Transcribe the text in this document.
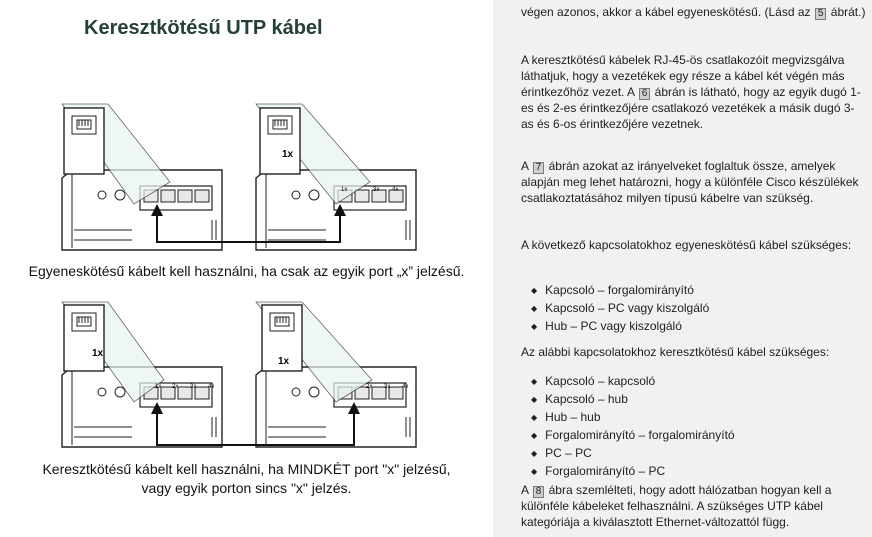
Keresztkötésű UTP kábel
1x
1x
1x
1x	3x 4x
1x 2x 3x 4x	2x 3x 4x
Egyeneskötésű kábelt kell használni, ha csak az egyik port „x” jelzésű.
Keresztkötésű kábelt kell használni, ha MINDKÉT port "x" jelzésű,
vagy egyik porton sincs "x" jelzés.
végen azonos, akkor a kábel egyeneskötésű. (Lásd az 5 ábrát.)
A keresztkötésű kábelek RJ-45-ös csatlakozóit megvizsgálva láthatjuk, hogy a vezetékek egy része a kábel két végén más érintkezőhöz vezet. A 6 ábrán is látható, hogy az egyik dugó 1-es és 2-es érintkezőjére csatlakozó vezetékek a másik dugó 3-as és 6-os érintkezőjére vezetnek.
A 7 ábrán azokat az irányelveket foglaltuk össze, amelyek alapján meg lehet határozni, hogy a különféle Cisco készülékek csatlakoztatásához milyen típusú kábelre van szükség.
A következő kapcsolatokhoz egyeneskötésű kábel szükséges:
◆ Kapcsoló – forgalomirányító
◆ Kapcsoló – PC vagy kiszolgáló
◆ Hub – PC vagy kiszolgáló
Az alábbi kapcsolatokhoz keresztkötésű kábel szükséges:
◆ Kapcsoló – kapcsoló
◆ Kapcsoló – hub
◆ Hub – hub
◆ Forgalomirányító – forgalomirányító
◆ PC – PC
◆ Forgalomirányító – PC
A 8 ábra szemlélteti, hogy adott hálózatban hogyan kell a különféle kábeleket felhasználni. A szükséges UTP kábel kategóriája a kiválasztott Ethernet-változattól függ.
